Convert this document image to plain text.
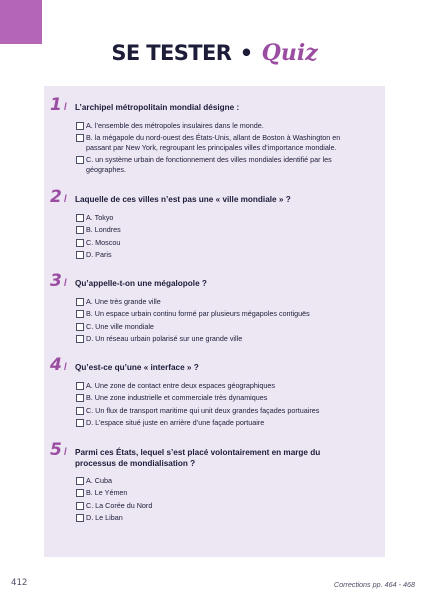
SE TESTER • Quiz
1 /	L’archipel métropolitain mondial désigne :
A. l’ensemble des métropoles insulaires dans le monde.
B. la mégapole du nord-ouest des États-Unis, allant de Boston à Washington en passant par New York, regroupant les principales villes d’importance mondiale.
C. un système urbain de fonctionnement des villes mondiales identifié par les géographes.
2 /	Laquelle de ces villes n’est pas une « ville mondiale » ?
A. Tokyo
B. Londres
C. Moscou
D. Paris
3 /	Qu’appelle-t-on une mégalopole ?
A. Une très grande ville
B. Un espace urbain continu formé par plusieurs mégapoles contiguës
C. Une ville mondiale
D. Un réseau urbain polarisé sur une grande ville
4 /	Qu’est-ce qu’une « interface » ?
A. Une zone de contact entre deux espaces géographiques
B. Une zone industrielle et commerciale très dynamiques
C. Un flux de transport maritime qui unit deux grandes façades portuaires
D. L’espace situé juste en arrière d’une façade portuaire
5 /	Parmi ces États, lequel s’est placé volontairement en marge du processus de mondialisation ?
A. Cuba
B. Le Yémen
C. La Corée du Nord
D. Le Liban
412	Corrections pp. 464 - 468
